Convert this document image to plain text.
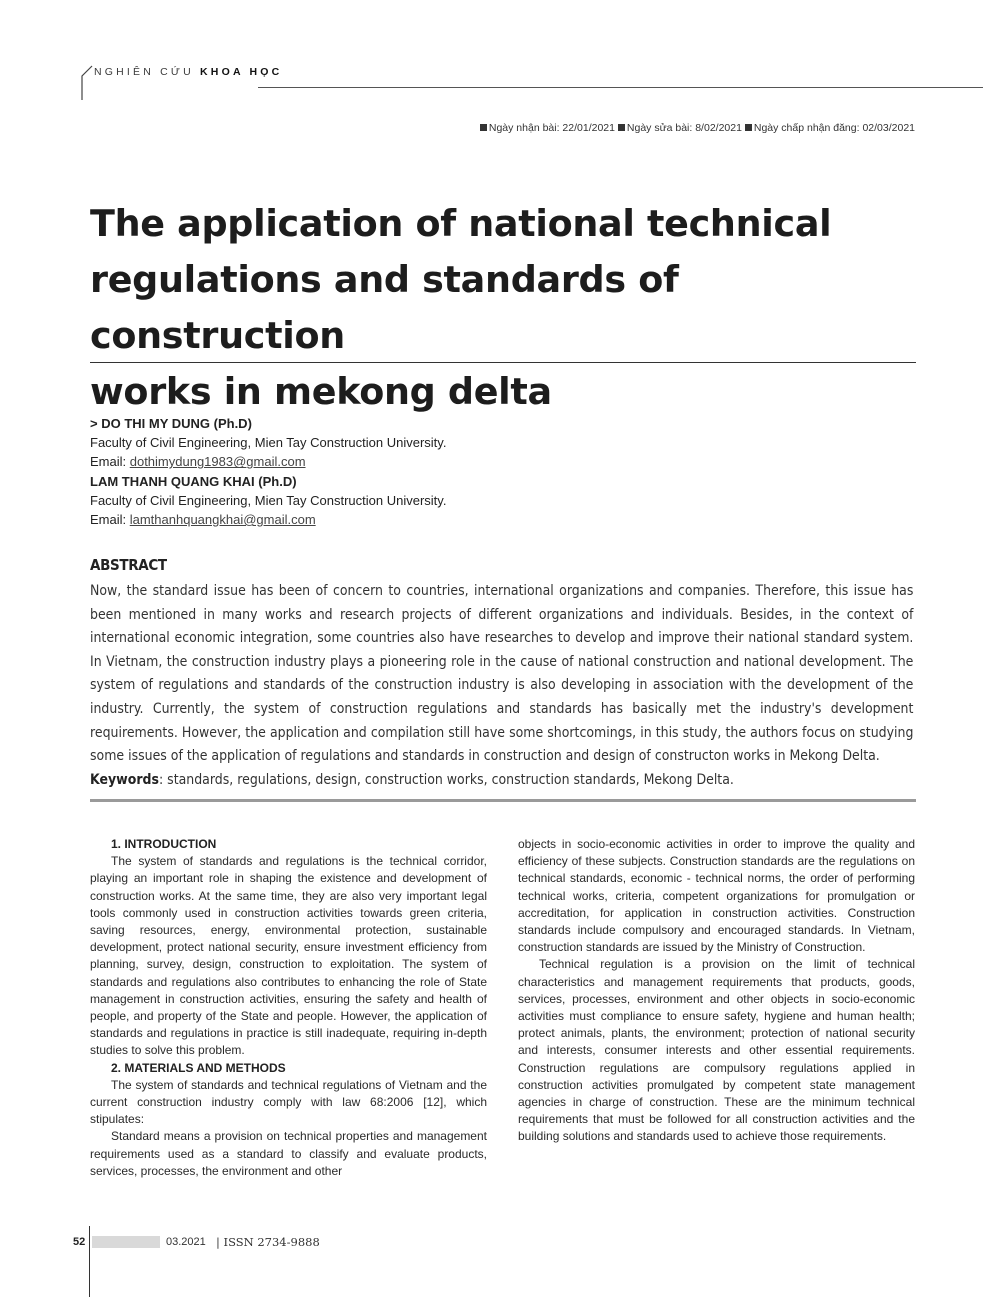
NGHIÊN CỨU KHOA HỌC
Ngày nhận bài: 22/01/2021 Ngày sửa bài: 8/02/2021 Ngày chấp nhận đăng: 02/03/2021
The application of national technical
regulations and standards of construction
works in mekong delta
> DO THI MY DUNG (Ph.D)
Faculty of Civil Engineering, Mien Tay Construction University.
Email: dothimydung1983@gmail.com
LAM THANH QUANG KHAI (Ph.D)
Faculty of Civil Engineering, Mien Tay Construction University.
Email: lamthanhquangkhai@gmail.com
ABSTRACT
Now, the standard issue has been of concern to countries, international organizations and companies. Therefore, this issue has been mentioned in many works and research projects of different organizations and individuals. Besides, in the context of international economic integration, some countries also have researches to develop and improve their national standard system. In Vietnam, the construction industry plays a pioneering role in the cause of national construction and national development. The system of regulations and standards of the construction industry is also developing in association with the development of the industry. Currently, the system of construction regulations and standards has basically met the industry's development requirements. However, the application and compilation still have some shortcomings, in this study, the authors focus on studying some issues of the application of regulations and standards in construction and design of constructon works in Mekong Delta.
Keywords: standards, regulations, design, construction works, construction standards, Mekong Delta.
1. INTRODUCTION

The system of standards and regulations is the technical corridor, playing an important role in shaping the existence and development of construction works. At the same time, they are also very important legal tools commonly used in construction activities towards green criteria, saving resources, energy, environmental protection, sustainable development, protect national security, ensure investment efficiency from planning, survey, design, construction to exploitation. The system of standards and regulations also contributes to enhancing the role of State management in construction activities, ensuring the safety and health of people, and property of the State and people. However, the application of standards and regulations in practice is still inadequate, requiring in-depth studies to solve this problem.

2. MATERIALS AND METHODS

The system of standards and technical regulations of Vietnam and the current construction industry comply with law 68:2006 [12], which stipulates:

Standard means a provision on technical properties and management requirements used as a standard to classify and evaluate products, services, processes, the environment and other

objects in socio-economic activities in order to improve the quality and efficiency of these subjects. Construction standards are the regulations on technical standards, economic - technical norms, the order of performing technical works, criteria, competent organizations for promulgation or accreditation, for application in construction activities. Construction standards include compulsory and encouraged standards. In Vietnam, construction standards are issued by the Ministry of Construction.

Technical regulation is a provision on the limit of technical characteristics and management requirements that products, goods, services, processes, environment and other objects in socio-economic activities must compliance to ensure safety, hygiene and human health; protect animals, plants, the environment; protection of national security and interests, consumer interests and other essential requirements. Construction regulations are compulsory regulations applied in construction activities promulgated by competent state management agencies in charge of construction. These are the minimum technical requirements that must be followed for all construction activities and the building solutions and standards used to achieve those requirements.

52	03.2021 | ISSN 2734-9888
